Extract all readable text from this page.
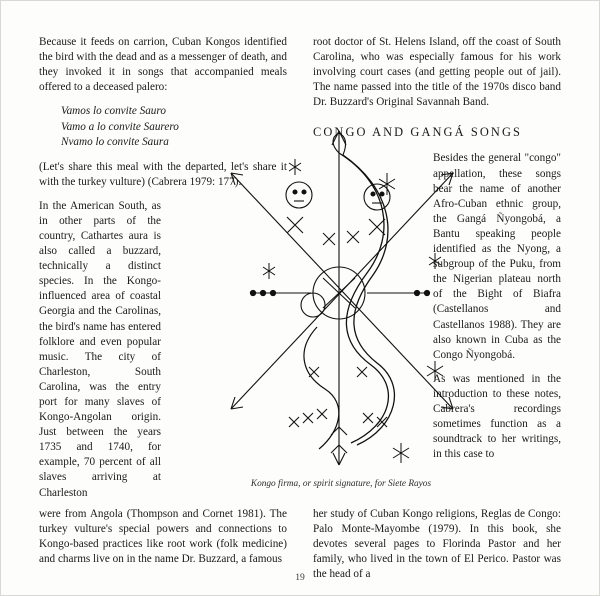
Because it feeds on carrion, Cuban Kongos identified the bird with the dead and as a messenger of death, and they invoked it in songs that accompanied meals offered to a deceased palero:

Vamos lo convite Sauro
Vamo a lo convite Saurero
Nvamo lo convite Saura

(Let's share this meal with the departed, let's share it with the turkey vulture) (Cabrera 1979: 177).

In the American South, as in other parts of the country, Cathartes aura is also called a buzzard, technically a distinct species. In the Kongo-influenced area of coastal Georgia and the Carolinas, the bird's name has entered folklore and even popular music. The city of Charleston, South Carolina, was the entry port for many slaves of Kongo-Angolan origin. Just between the years 1735 and 1740, for example, 70 percent of all slaves arriving at Charleston

root doctor of St. Helens Island, off the coast of South Carolina, who was especially famous for his work involving court cases (and getting people out of jail). The name passed into the title of the 1970s disco band Dr. Buzzard's Original Savannah Band.

CONGO AND GANGÁ SONGS

Besides the general "congo" appellation, these songs bear the name of another Afro-Cuban ethnic group, the Gangá Ñyongobá, a Bantu speaking people identified as the Nyong, a subgroup of the Puku, from the Nigerian plateau north of the Bight of Biafra (Castellanos and Castellanos 1988). They are also known in Cuba as the Congo Ñyongobá.

As was mentioned in the introduction to these notes, Cabrera's recordings sometimes function as a soundtrack to her writings, in this case to

Kongo firma, or spirit signature, for Siete Rayos

were from Angola (Thompson and Cornet 1981). The turkey vulture's special powers and connections to Kongo-based practices like root work (folk medicine) and charms live on in the name Dr. Buzzard, a famous

her study of Cuban Kongo religions, Reglas de Congo: Palo Monte-Mayombe (1979). In this book, she devotes several pages to Florinda Pastor and her family, who lived in the town of El Perico. Pastor was the head of a

19
